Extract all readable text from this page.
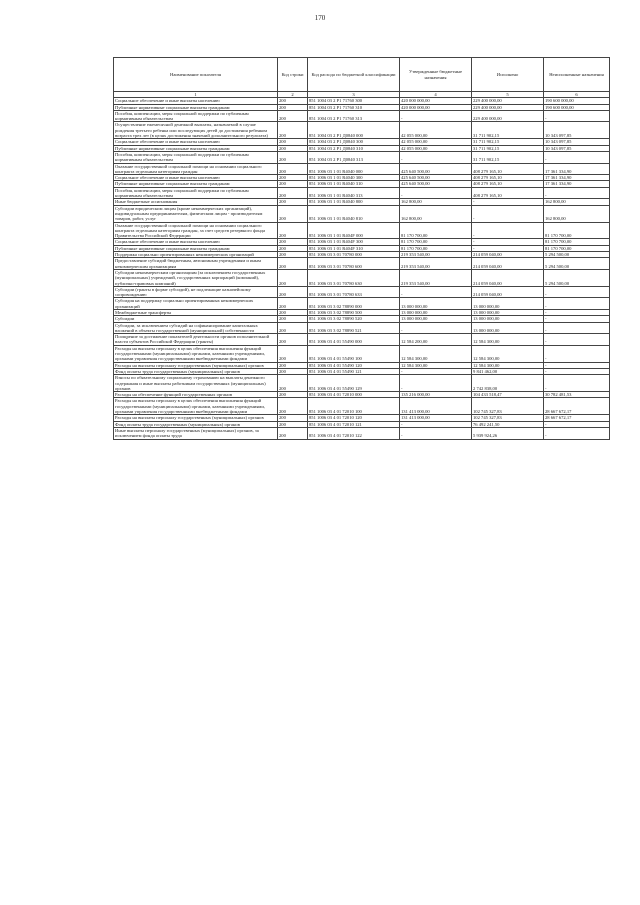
170
Наименование показателя	Код строки	Код расхода по бюджетной классификации	Утвержденные бюджетные назначения	Исполнено	Неисполненные назначения
1	2	3	4	5	6
Социальное обеспечение и иные выплаты населению	200	851 1004 03 2 P1 71760 300	420 000 000,00	229 400 000,00	190 600 000,00
Публичные нормативные социальные выплаты гражданам	200	851 1004 03 2 P1 71760 310	420 000 000,00	229 400 000,00	190 600 000,00
Пособия, компенсации, меры социальной поддержки по публичным нормативным обязательствам	200	851 1004 03 2 P1 71760 313	-	229 400 000,00	-
Осуществление ежемесячной денежной выплаты, назначаемой в случае рождения третьего ребенка или последующих детей до достижения ребенком возраста трех лет (в целях достижения значений дополнительного результата)	200	851 1004 03 2 P1 Д0840 000	42 055 000,00	31 711 902,15	10 343 097,85
Социальное обеспечение и иные выплаты населению	200	851 1004 03 2 P1 Д0840 300	42 055 000,00	31 711 902,15	10 343 097,85
Публичные нормативные социальные выплаты гражданам	200	851 1004 03 2 P1 Д0840 310	42 055 000,00	31 711 902,15	10 343 097,85
Пособия, компенсации, меры социальной поддержки по публичным нормативным обязательствам	200	851 1004 03 2 P1 Д0840 313	-	31 711 902,15	-
Оказание государственной социальной помощи на основании социального контракта отдельным категориям граждан	200	851 1006 03 1 01 R4040 000	425 640 500,00	408 279 165,10	17 361 334,90
Социальное обеспечение и иные выплаты населению	200	851 1006 03 1 01 R4040 300	425 640 500,00	408 279 165,10	17 361 334,90
Публичные нормативные социальные выплаты гражданам	200	851 1006 03 1 01 R4040 310	425 640 500,00	408 279 165,10	17 361 334,90
Пособия, компенсации, меры социальной поддержки по публичным нормативным обязательствам	200	851 1006 03 1 01 R4040 313	-	408 279 165,10	-
Иные бюджетные ассигнования	200	851 1006 03 1 01 R4040 800	162 800,00	-	162 800,00
Субсидии юридическим лицам (кроме некоммерческих организаций), индивидуальным предпринимателям, физическим лицам - производителям товаров, работ, услуг	200	851 1006 03 1 01 R4040 810	162 800,00	-	162 800,00
Оказание государственной социальной помощи на основании социального контракта отдельным категориям граждан, за счет средств резервного фонда Правительства Российской Федерации	200	851 1006 03 1 01 R404F 000	81 170 700,00	-	81 170 700,00
Социальное обеспечение и иные выплаты населению	200	851 1006 03 1 01 R404F 300	81 170 700,00	-	81 170 700,00
Публичные нормативные социальные выплаты гражданам	200	851 1006 03 1 01 R404F 310	81 170 700,00	-	81 170 700,00
Поддержка социально ориентированных некоммерческих организаций	200	851 1006 03 3 01 70780 000	219 353 540,00	214 059 040,00	5 294 500,00
Предоставление субсидий бюджетным, автономным учреждениям и иным некоммерческим организациям	200	851 1006 03 3 01 70780 600	219 353 540,00	214 059 040,00	5 294 500,00
Субсидии некоммерческим организациям (за исключением государственных (муниципальных) учреждений, государственных корпораций (компаний), публично-правовых компаний)	200	851 1006 03 3 01 70780 630	219 353 540,00	214 059 040,00	5 294 500,00
Субсидии (гранты в форме субсидий), не подлежащие казначейскому сопровождению	200	851 1006 03 3 01 70780 633	-	214 059 040,00	-
Субсидия на поддержку социально ориентированных некоммерческих организаций	200	851 1006 03 3 02 78890 000	13 000 000,00	13 000 000,00	-
Межбюджетные трансферты	200	851 1006 03 3 02 78890 500	13 000 000,00	13 000 000,00	-
Субсидии	200	851 1006 03 3 02 78890 520	13 000 000,00	13 000 000,00	-
Субсидии, за исключением субсидий на софинансирование капитальных вложений в объекты государственной (муниципальной) собственности	200	851 1006 03 3 02 78890 521	-	13 000 000,00	-
Поощрение за достижение показателей деятельности органов исполнительной власти субъектов Российской Федерации (гранты)	200	851 1006 03 4 01 55490 000	12 584 200,00	12 584 300,00	-
Расходы на выплаты персоналу в целях обеспечения выполнения функций государственными (муниципальными) органами, казенными учреждениями, органами управления государственными внебюджетными фондами	200	851 1006 03 4 01 55490 100	12 584 300,00	12 584 300,00	-
Расходы на выплаты персоналу государственных (муниципальных) органов	200	851 1006 03 4 01 55490 120	12 584 300,00	12 584 300,00	-
Фонд оплаты труда государственных (муниципальных) органов	200	851 1006 03 4 01 55490 121	-	9 841 462,00	-
Взносы по обязательному социальному страхованию на выплаты денежного содержания и иные выплаты работникам государственных (муниципальных) органов	200	851 1006 03 4 01 55490 129	-	2 742 838,00	-
Расходы на обеспечение функций государственных органов	200	851 1006 03 4 01 72010 000	135 216 000,00	104 433 518,47	30 782 481,53
Расходы на выплаты персоналу в целях обеспечения выполнения функций государственными (муниципальными) органами, казенными учреждениями, органами управления государственными внебюджетными фондами	200	851 1006 03 4 01 72010 100	131 413 000,00	102 745 327,83	28 667 672,17
Расходы на выплаты персоналу государственных (муниципальных) органов	200	851 1006 03 4 01 72010 120	131 413 000,00	102 745 327,83	28 667 672,17
Фонд оплаты труда государственных (муниципальных) органов	200	851 1006 03 4 01 72010 121	-	76 492 241,50	-
Иные выплаты персоналу государственных (муниципальных) органов, за исключением фонда оплаты труда	200	851 1006 03 4 01 72010 122	-	5 939 924,26	-
